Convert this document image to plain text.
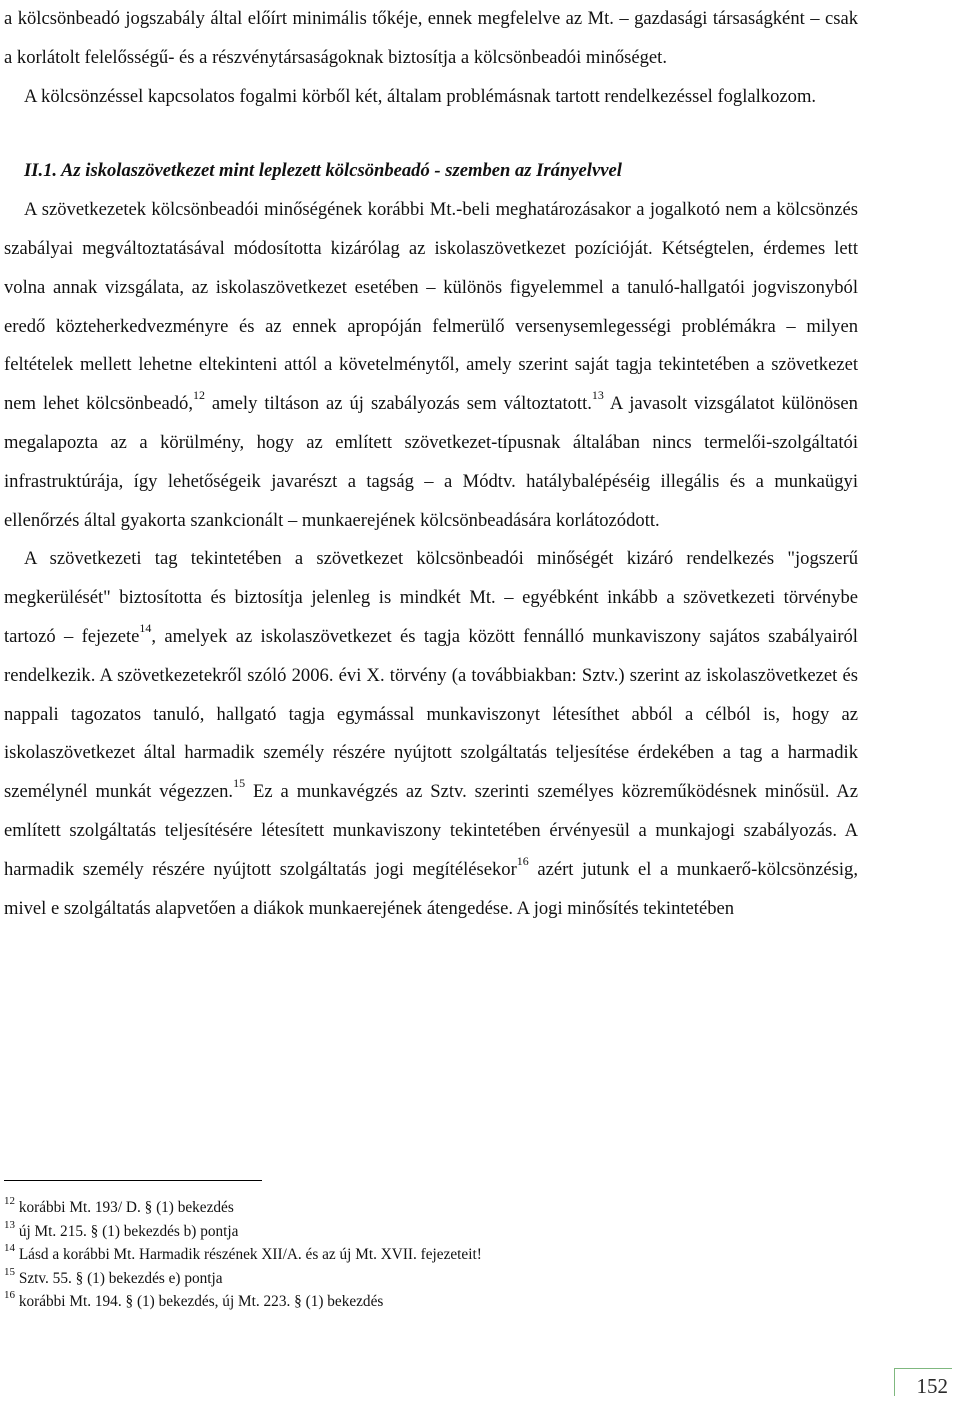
a kölcsönbeadó jogszabály által előírt minimális tőkéje, ennek megfelelve az Mt. – gazdasági társaságként – csak a korlátolt felelősségű- és a részvénytársaságoknak biztosítja a kölcsönbeadói minőséget.

A kölcsönzéssel kapcsolatos fogalmi körből két, általam problémásnak tartott rendelkezéssel foglalkozom.

II.1. Az iskolaszövetkezet mint leplezett kölcsönbeadó - szemben az Irányelvvel

A szövetkezetek kölcsönbeadói minőségének korábbi Mt.-beli meghatározásakor a jogalkotó nem a kölcsönzés szabályai megváltoztatásával módosította kizárólag az iskolaszövetkezet pozícióját. Kétségtelen, érdemes lett volna annak vizsgálata, az iskolaszövetkezet esetében – különös figyelemmel a tanuló-hallgatói jogviszonyból eredő közteherkedvezményre és az ennek apropóján felmerülő versenysemlegességi problémákra – milyen feltételek mellett lehetne eltekinteni attól a követelménytől, amely szerint saját tagja tekintetében a szövetkezet nem lehet kölcsönbeadó,$^{12}$ amely tiltáson az új szabályozás sem változtatott.$^{13}$ A javasolt vizsgálatot különösen megalapozta az a körülmény, hogy az említett szövetkezet-típusnak általában nincs termelői-szolgáltatói infrastruktúrája, így lehetőségeik javarészt a tagság – a Módtv. hatálybalépéséig illegális és a munkaügyi ellenőrzés által gyakorta szankcionált – munkaerejének kölcsönbeadására korlátozódott.

A szövetkezeti tag tekintetében a szövetkezet kölcsönbeadói minőségét kizáró rendelkezés "jogszerű megkerülését" biztosította és biztosítja jelenleg is mindkét Mt. – egyébként inkább a szövetkezeti törvénybe tartozó – fejezete$^{14}$, amelyek az iskolaszövetkezet és tagja között fennálló munkaviszony sajátos szabályairól rendelkezik. A szövetkezetekről szóló 2006. évi X. törvény (a továbbiakban: Sztv.) szerint az iskolaszövetkezet és nappali tagozatos tanuló, hallgató tagja egymással munkaviszonyt létesíthet abból a célból is, hogy az iskolaszövetkezet által harmadik személy részére nyújtott szolgáltatás teljesítése érdekében a tag a harmadik személynél munkát végezzen.$^{15}$ Ez a munkavégzés az Sztv. szerinti személyes közreműködésnek minősül. Az említett szolgáltatás teljesítésére létesített munkaviszony tekintetében érvényesül a munkajogi szabályozás. A harmadik személy részére nyújtott szolgáltatás jogi megítélésekor$^{16}$ azért jutunk el a munkaerő-kölcsönzésig, mivel e szolgáltatás alapvetően a diákok munkaerejének átengedése. A jogi minősítés tekintetében

$^{12}$ korábbi Mt. 193/ D. § (1) bekezdés
$^{13}$ új Mt. 215. § (1) bekezdés b) pontja
$^{14}$ Lásd a korábbi Mt. Harmadik részének XII/A. és az új Mt. XVII. fejezeteit!
$^{15}$ Sztv. 55. § (1) bekezdés e) pontja
$^{16}$ korábbi Mt. 194. § (1) bekezdés, új Mt. 223. § (1) bekezdés
152
